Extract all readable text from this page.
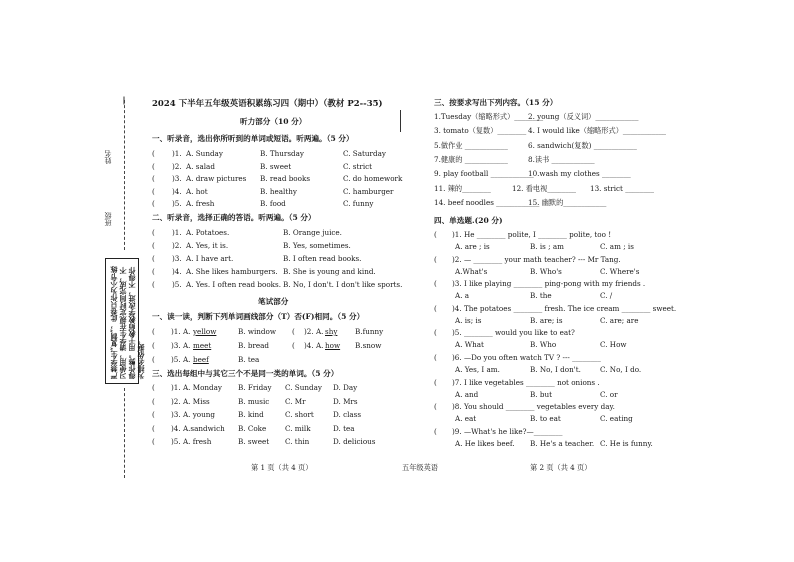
姓名
班级
严禁学生“复制”，此卷只作为小节练习使用，请学生在规定时间完成，不得作弊。用于教师教学改进，不得作为排名依据。
2024 下半年五年级英语积累练习四（期中）（教材 P2--35)
听力部分（10 分）
一、听录音，选出你所听到的单词或短语。听两遍。（5 分）
( )1. A. Sunday	B. Thursday	C. Saturday
( )2. A. salad	B. sweet	C. strict
( )3. A. draw pictures B. read books	C. do homework
( )4. A. hot	B. healthy	C. hamburger
( )5. A. fresh	B. food	C. funny
二、听录音，选择正确的答语。听两遍。（5 分）
( )1. A. Potatoes.	B. Orange juice.
( )2. A. Yes, it is.	B. Yes, sometimes.
( )3. A. I have art.	B. I often read books.
( )4. A. She likes hamburgers. B. She is young and kind.
( )5. A. Yes. I often read books. B. No, I don't. I don't like sports.
笔试部分
一、读一读，判断下列单词画线部分（T）否(F)相同。（5 分）
( )1. A. yellow	B. window ( )2. A. shy B.funny
( )3. A. meet	B. bread	( )4. A. how B.snow
( )5. A. beef	B. tea
三、选出每组中与其它三个不是同一类的单词。（5 分）
( )1. A. Monday B. Friday C. Sunday D. Day
( )2. A. Miss	B. music C. Mr	D. Mrs
( )3. A. young	B. kind	C. short	D. class
( )4. A.sandwich B. Coke	C. milk	D. tea
( )5. A. fresh	B. sweet C. thin	D. delicious
第 1 页（共 4 页）	五年级英语
三、按要求写出下列内容。（15 分）
1.Tuesday（缩略形式）________
2. young（反义词）____________
3. tomato（复数）________ 4. I would like（缩略形式）____________
5.做作业 ____________	6. sandwich(复数) ____________
7.健康的 ____________	8.读书 ____________
9. play football ____________
10.wash my clothes ________
11. 辣的________	12. 看电视________ 13. strict ________
14. beef noodles ____________
15. 幽默的____________
四、单选题.(20 分)
( )1. He ________ polite, I ________ polite, too !
A. are ; is	B. is ; am	C. am ; is
( )2. — ________ your math teacher? --- Mr Tang.
A.What's	B. Who's	C. Where's
( )3. I like playing ________ ping-pong with my friends .
A. a	B. the	C. /
( )4. The potatoes ________ fresh. The ice cream ________ sweet.
A. is; is	B. are; is	C. are; are
( )5. ________ would you like to eat?
A. What	B. Who	C. How
( )6. —Do you often watch TV ? --- ________
A. Yes, I am.	B. No, I don't.	C. No, I do.
( )7. I like vegetables ________ not onions .
A. and	B. but	C. or
( )8. You should ________ vegetables every day.
A. eat	B. to eat	C. eating
( )9. —What's he like?—________
A. He likes beef. B. He's a teacher. C. He is funny.
第 2 页（共 4 页）
